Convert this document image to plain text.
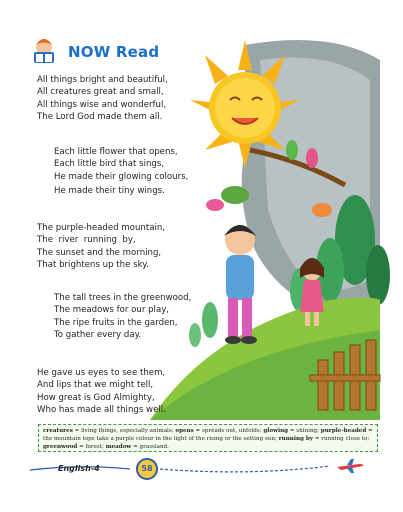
NOW Read
All things bright and beautiful,
All creatures great and small,
All things wise and wonderful,
The Lord God made them all.
Each little flower that opens,
Each little bird that sings,
He made their glowing colours,
He made their tiny wings.
The purple-headed mountain,
The  river  running  by,
The sunset and the morning,
That brightens up the sky.
The tall trees in the greenwood,
The meadows for our play,
The ripe fruits in the garden,
To gather every day.
He gave us eyes to see them,
And lips that we might tell,
How great is God Almighty,
Who has made all things well.
creatures = living things, especially animals; opens = spreads out, unfolds; glowing = shining; purple-headed = the mountain tops take a purple colour in the light of the rising or the setting sun; running by = running close to; greenwood = forest; meadow = grassland.
English-4	58
